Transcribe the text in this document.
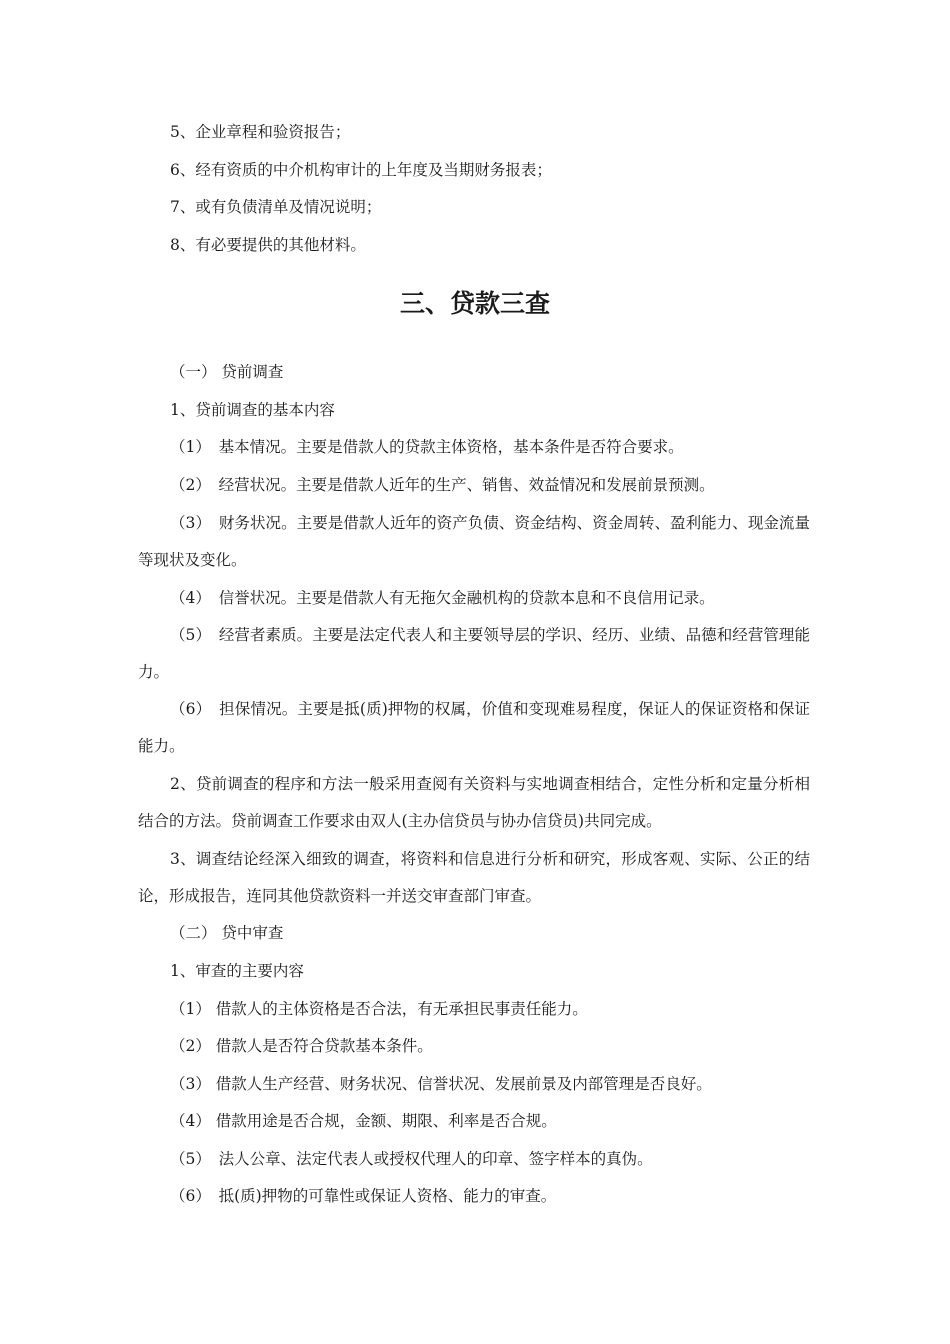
5、企业章程和验资报告；
6、经有资质的中介机构审计的上年度及当期财务报表；
7、或有负债清单及情况说明；
8、有必要提供的其他材料。
三、贷款三查
（一） 贷前调查
1、贷前调查的基本内容
（1）　基本情况。主要是借款人的贷款主体资格，基本条件是否符合要求。
（2）　经营状况。主要是借款人近年的生产、销售、效益情况和发展前景预测。
（3）　财务状况。主要是借款人近年的资产负债、资金结构、资金周转、盈利能力、现金流量等现状及变化。
（4）　信誉状况。主要是借款人有无拖欠金融机构的贷款本息和不良信用记录。
（5）　经营者素质。主要是法定代表人和主要领导层的学识、经历、业绩、品德和经营管理能力。
（6）　担保情况。主要是抵(质)押物的权属，价值和变现难易程度，保证人的保证资格和保证能力。
2、贷前调查的程序和方法一般采用查阅有关资料与实地调查相结合，定性分析和定量分析相结合的方法。贷前调查工作要求由双人(主办信贷员与协办信贷员)共同完成。
3、调查结论经深入细致的调查，将资料和信息进行分析和研究，形成客观、实际、公正的结论，形成报告，连同其他贷款资料一并送交审查部门审查。
（二） 贷中审查
1、审查的主要内容
（1） 借款人的主体资格是否合法，有无承担民事责任能力。
（2） 借款人是否符合贷款基本条件。
（3） 借款人生产经营、财务状况、信誉状况、发展前景及内部管理是否良好。
（4） 借款用途是否合规，金额、期限、利率是否合规。
（5）　法人公章、法定代表人或授权代理人的印章、签字样本的真伪。
（6）　抵(质)押物的可靠性或保证人资格、能力的审查。
